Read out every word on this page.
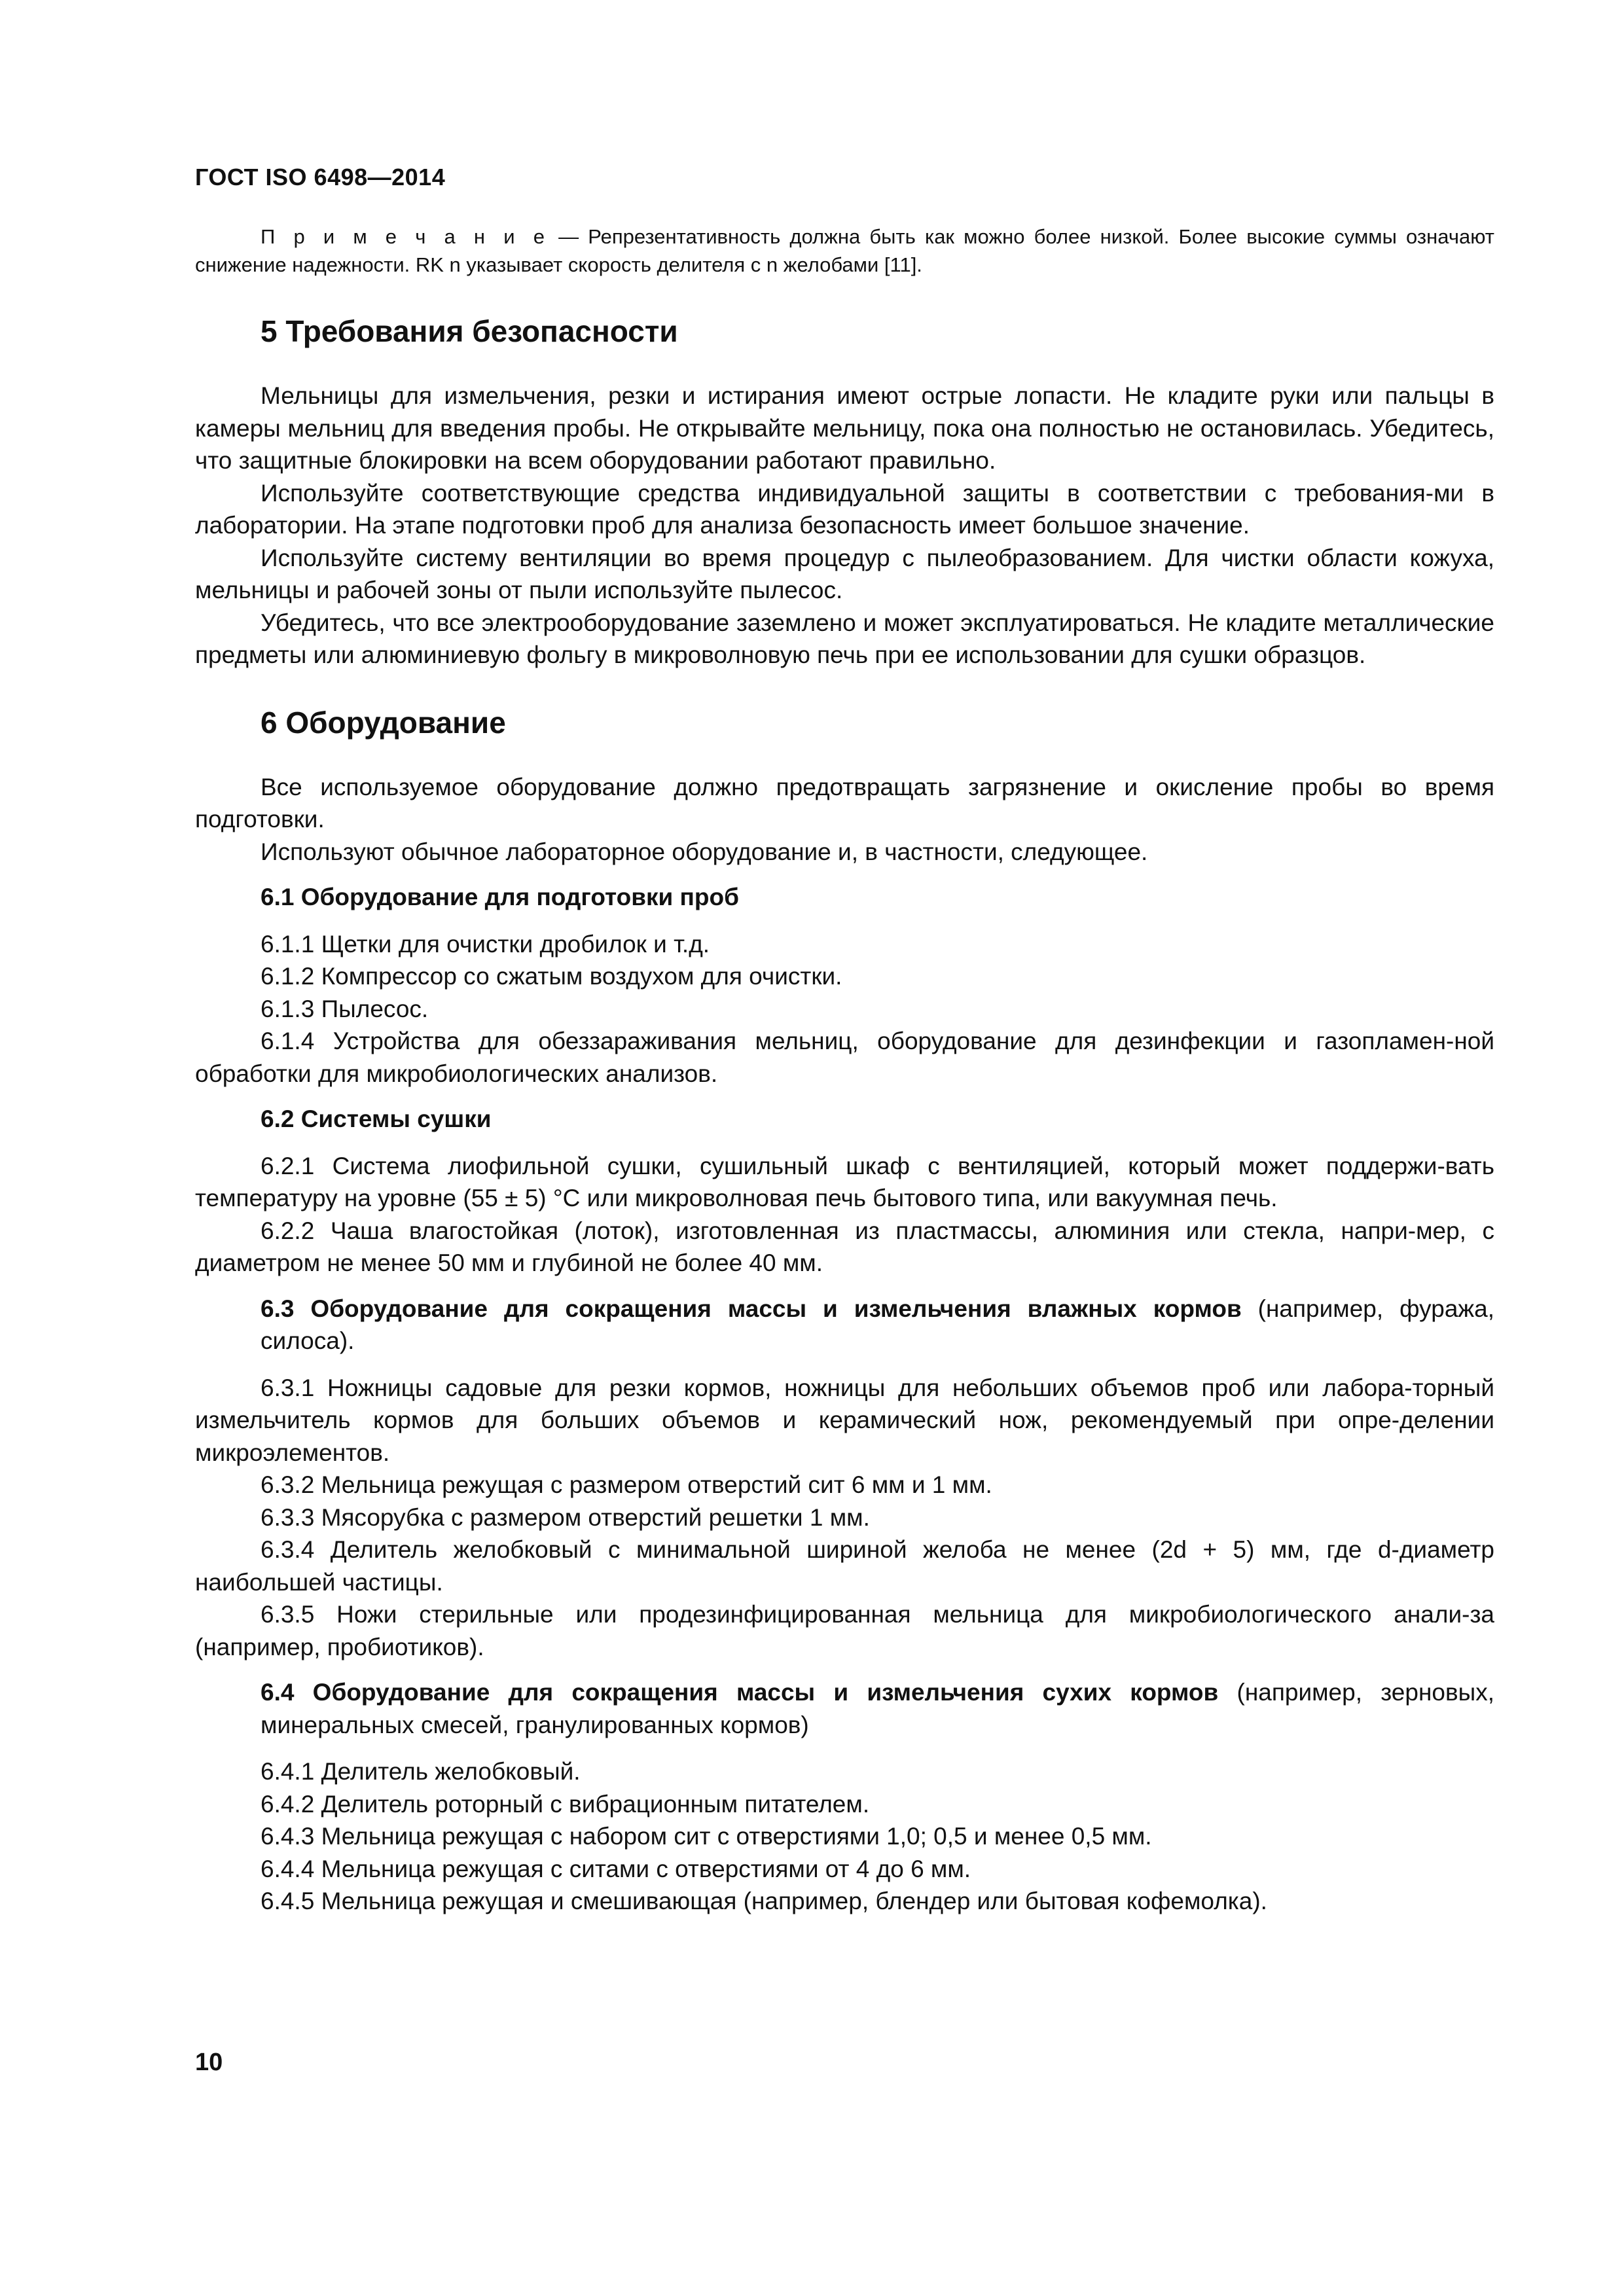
ГОСТ ISO 6498—2014

П р и м е ч а н и е — Репрезентативность должна быть как можно более низкой. Более высокие суммы означают снижение надежности. RK n указывает скорость делителя с n желобами [11].

5 Требования безопасности

Мельницы для измельчения, резки и истирания имеют острые лопасти. Не кладите руки или пальцы в камеры мельниц для введения пробы. Не открывайте мельницу, пока она полностью не остановилась. Убедитесь, что защитные блокировки на всем оборудовании работают правильно.

Используйте соответствующие средства индивидуальной защиты в соответствии с требования-ми в лаборатории. На этапе подготовки проб для анализа безопасность имеет большое значение.

Используйте систему вентиляции во время процедур с пылеобразованием. Для чистки области кожуха, мельницы и рабочей зоны от пыли используйте пылесос.

Убедитесь, что все электрооборудование заземлено и может эксплуатироваться. Не кладите металлические предметы или алюминиевую фольгу в микроволновую печь при ее использовании для сушки образцов.

6 Оборудование

Все используемое оборудование должно предотвращать загрязнение и окисление пробы во время подготовки.

Используют обычное лабораторное оборудование и, в частности, следующее.

6.1 Оборудование для подготовки проб

6.1.1 Щетки для очистки дробилок и т.д.

6.1.2 Компрессор со сжатым воздухом для очистки.

6.1.3 Пылесос.

6.1.4 Устройства для обеззараживания мельниц, оборудование для дезинфекции и газопламен-ной обработки для микробиологических анализов.

6.2 Системы сушки

6.2.1 Система лиофильной сушки, сушильный шкаф с вентиляцией, который может поддержи-вать температуру на уровне (55 ± 5) °С или микроволновая печь бытового типа, или вакуумная печь.

6.2.2 Чаша влагостойкая (лоток), изготовленная из пластмассы, алюминия или стекла, напри-мер, с диаметром не менее 50 мм и глубиной не более 40 мм.

6.3 Оборудование для сокращения массы и измельчения влажных кормов (например, фуража, силоса).

6.3.1 Ножницы садовые для резки кормов, ножницы для небольших объемов проб или лабора-торный измельчитель кормов для больших объемов и керамический нож, рекомендуемый при опре-делении микроэлементов.

6.3.2 Мельница режущая с размером отверстий сит 6 мм и 1 мм.

6.3.3 Мясорубка с размером отверстий решетки 1 мм.

6.3.4 Делитель желобковый с минимальной шириной желоба не менее (2d + 5) мм, где d-диаметр наибольшей частицы.

6.3.5 Ножи стерильные или продезинфицированная мельница для микробиологического анали-за (например, пробиотиков).

6.4 Оборудование для сокращения массы и измельчения сухих кормов (например, зерновых, минеральных смесей, гранулированных кормов)

6.4.1 Делитель желобковый.

6.4.2 Делитель роторный с вибрационным питателем.

6.4.3 Мельница режущая с набором сит с отверстиями 1,0; 0,5 и менее 0,5 мм.

6.4.4 Мельница режущая с ситами с отверстиями от 4 до 6 мм.

6.4.5 Мельница режущая и смешивающая (например, блендер или бытовая кофемолка).

10
